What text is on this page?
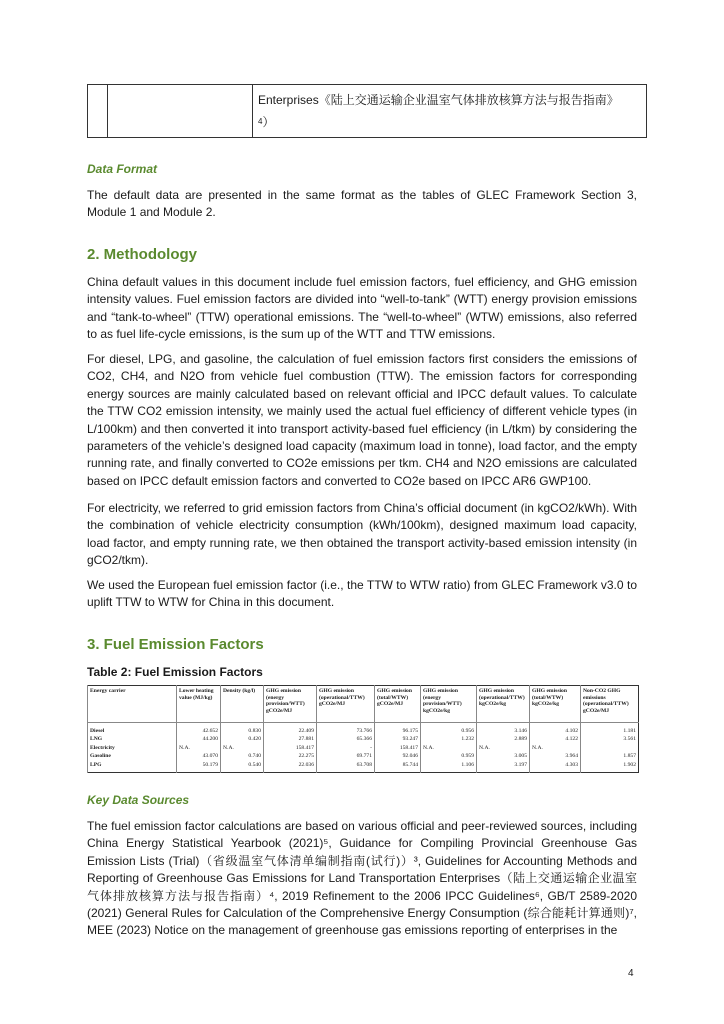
Enterprises《陆上交通运输企业温室气体排放核算方法与报告指南》
$^4$）
Data Format

The default data are presented in the same format as the tables of GLEC Framework Section 3, Module 1 and Module 2.

2. Methodology

China default values in this document include fuel emission factors, fuel efficiency, and GHG emission intensity values. Fuel emission factors are divided into “well-to-tank” (WTT) energy provision emissions and “tank-to-wheel” (TTW) operational emissions. The “well-to-wheel” (WTW) emissions, also referred to as fuel life-cycle emissions, is the sum up of the WTT and TTW emissions.

For diesel, LPG, and gasoline, the calculation of fuel emission factors first considers the emissions of CO2, CH4, and N2O from vehicle fuel combustion (TTW). The emission factors for corresponding energy sources are mainly calculated based on relevant official and IPCC default values. To calculate the TTW CO2 emission intensity, we mainly used the actual fuel efficiency of different vehicle types (in L/100km) and then converted it into transport activity-based fuel efficiency (in L/tkm) by considering the parameters of the vehicle’s designed load capacity (maximum load in tonne), load factor, and the empty running rate, and finally converted to CO2e emissions per tkm. CH4 and N2O emissions are calculated based on IPCC default emission factors and converted to CO2e based on IPCC AR6 GWP100.

For electricity, we referred to grid emission factors from China’s official document (in kgCO2/kWh). With the combination of vehicle electricity consumption (kWh/100km), designed maximum load capacity, load factor, and empty running rate, we then obtained the transport activity-based emission intensity (in gCO2/tkm).

We used the European fuel emission factor (i.e., the TTW to WTW ratio) from GLEC Framework v3.0 to uplift TTW to WTW for China in this document.

3. Fuel Emission Factors

Table 2: Fuel Emission Factors

Energy carrier	Lower heating value (MJ/kg)	Density (kg/l)	GHG emission (energy provision/WTT) gCO2e/MJ	GHG emission (operational/TTW) gCO2e/MJ	GHG emission (total/WTW) gCO2e/MJ	GHG emission (energy provision/WTT) kgCO2e/kg	GHG emission (operational/TTW) kgCO2e/kg	GHG emission (total/WTW) kgCO2e/kg	Non-CO2 GHG emissions (operational/TTW) gCO2e/MJ

Diesel	42.652	0.830	22.409	73.766	96.175	0.956	3.146	4.102	1.181
LNG	44.200	0.420	27.881	65.366	93.247	1.232	2.889	4.122	3.561
Electricity	N.A.	N.A.	158.417	-	158.417	N.A.	N.A.	N.A.	
Gasoline	43.070	0.740	22.275	69.771	92.046	0.959	3.005	3.964	1.857
LPG	50.179	0.540	22.036	63.708	85.744	1.106	3.197	4.303	1.902
Key Data Sources

The fuel emission factor calculations are based on various official and peer-reviewed sources, including China Energy Statistical Yearbook (2021)⁵, Guidance for Compiling Provincial Greenhouse Gas Emission Lists (Trial)（省级温室气体清单编制指南(试行)）³, Guidelines for Accounting Methods and Reporting of Greenhouse Gas Emissions for Land Transportation Enterprises（陆上交通运输企业温室气体排放核算方法与报告指南）⁴, 2019 Refinement to the 2006 IPCC Guidelines⁶, GB/T 2589-2020 (2021) General Rules for Calculation of the Comprehensive Energy Consumption (综合能耗计算通则)⁷, MEE (2023) Notice on the management of greenhouse gas emissions reporting of enterprises in the

4
